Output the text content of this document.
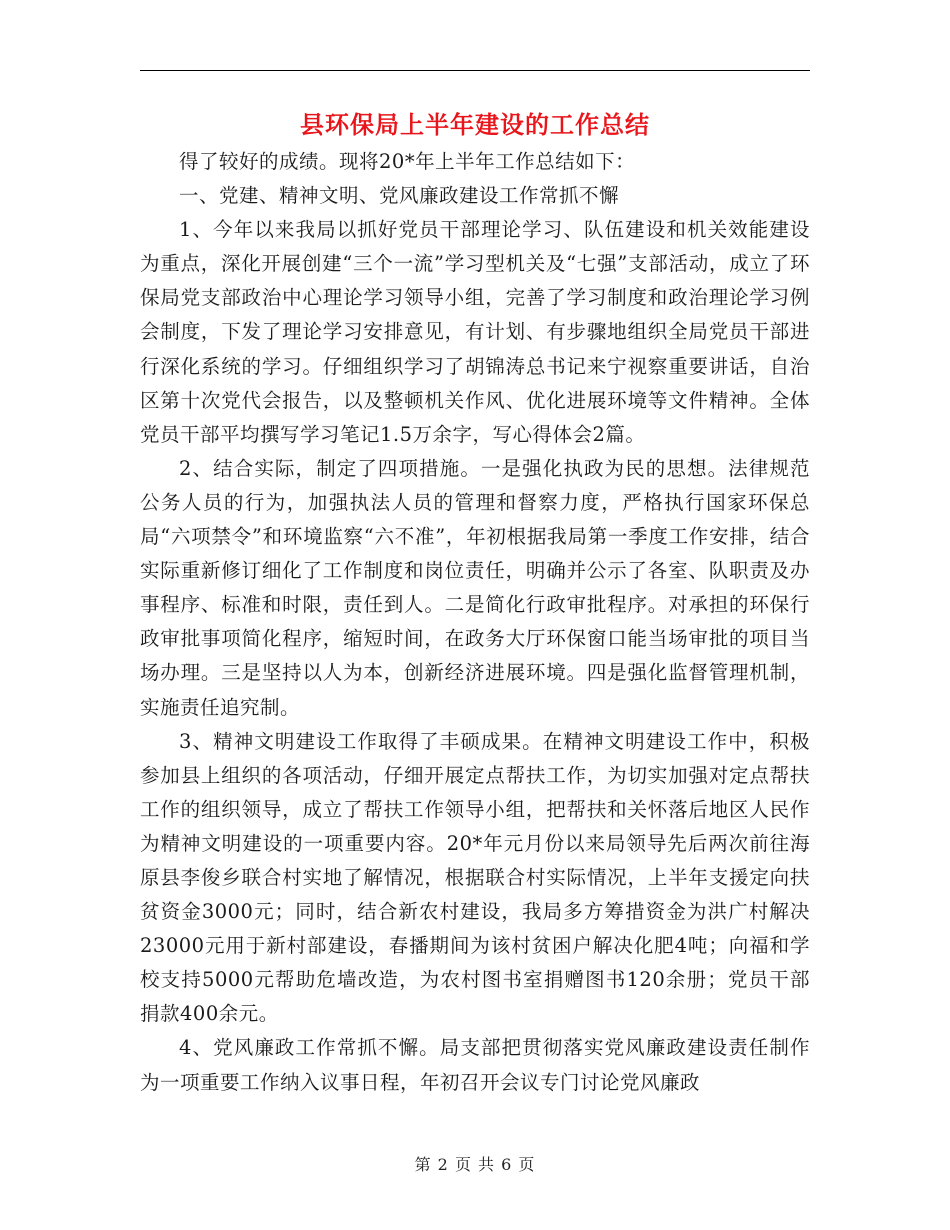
县环保局上半年建设的工作总结

得了较好的成绩。现将20*年上半年工作总结如下：

一、党建、精神文明、党风廉政建设工作常抓不懈

1、今年以来我局以抓好党员干部理论学习、队伍建设和机关效能建设为重点，深化开展创建“三个一流”学习型机关及“七强”支部活动，成立了环保局党支部政治中心理论学习领导小组，完善了学习制度和政治理论学习例会制度，下发了理论学习安排意见，有计划、有步骤地组织全局党员干部进行深化系统的学习。仔细组织学习了胡锦涛总书记来宁视察重要讲话，自治区第十次党代会报告，以及整顿机关作风、优化进展环境等文件精神。全体党员干部平均撰写学习笔记1.5万余字，写心得体会2篇。

2、结合实际，制定了四项措施。一是强化执政为民的思想。法律规范公务人员的行为，加强执法人员的管理和督察力度，严格执行国家环保总局“六项禁令”和环境监察“六不准”，年初根据我局第一季度工作安排，结合实际重新修订细化了工作制度和岗位责任，明确并公示了各室、队职责及办事程序、标准和时限，责任到人。二是简化行政审批程序。对承担的环保行政审批事项简化程序，缩短时间，在政务大厅环保窗口能当场审批的项目当场办理。三是坚持以人为本，创新经济进展环境。四是强化监督管理机制，实施责任追究制。

3、精神文明建设工作取得了丰硕成果。在精神文明建设工作中，积极参加县上组织的各项活动，仔细开展定点帮扶工作，为切实加强对定点帮扶工作的组织领导，成立了帮扶工作领导小组，把帮扶和关怀落后地区人民作为精神文明建设的一项重要内容。20*年元月份以来局领导先后两次前往海原县李俊乡联合村实地了解情况，根据联合村实际情况，上半年支援定向扶贫资金3000元；同时，结合新农村建设，我局多方筹措资金为洪广村解决23000元用于新村部建设，春播期间为该村贫困户解决化肥4吨；向福和学校支持5000元帮助危墙改造，为农村图书室捐赠图书120余册；党员干部捐款400余元。

4、党风廉政工作常抓不懈。局支部把贯彻落实党风廉政建设责任制作为一项重要工作纳入议事日程，年初召开会议专门讨论党风廉政

第 2 页 共 6 页
